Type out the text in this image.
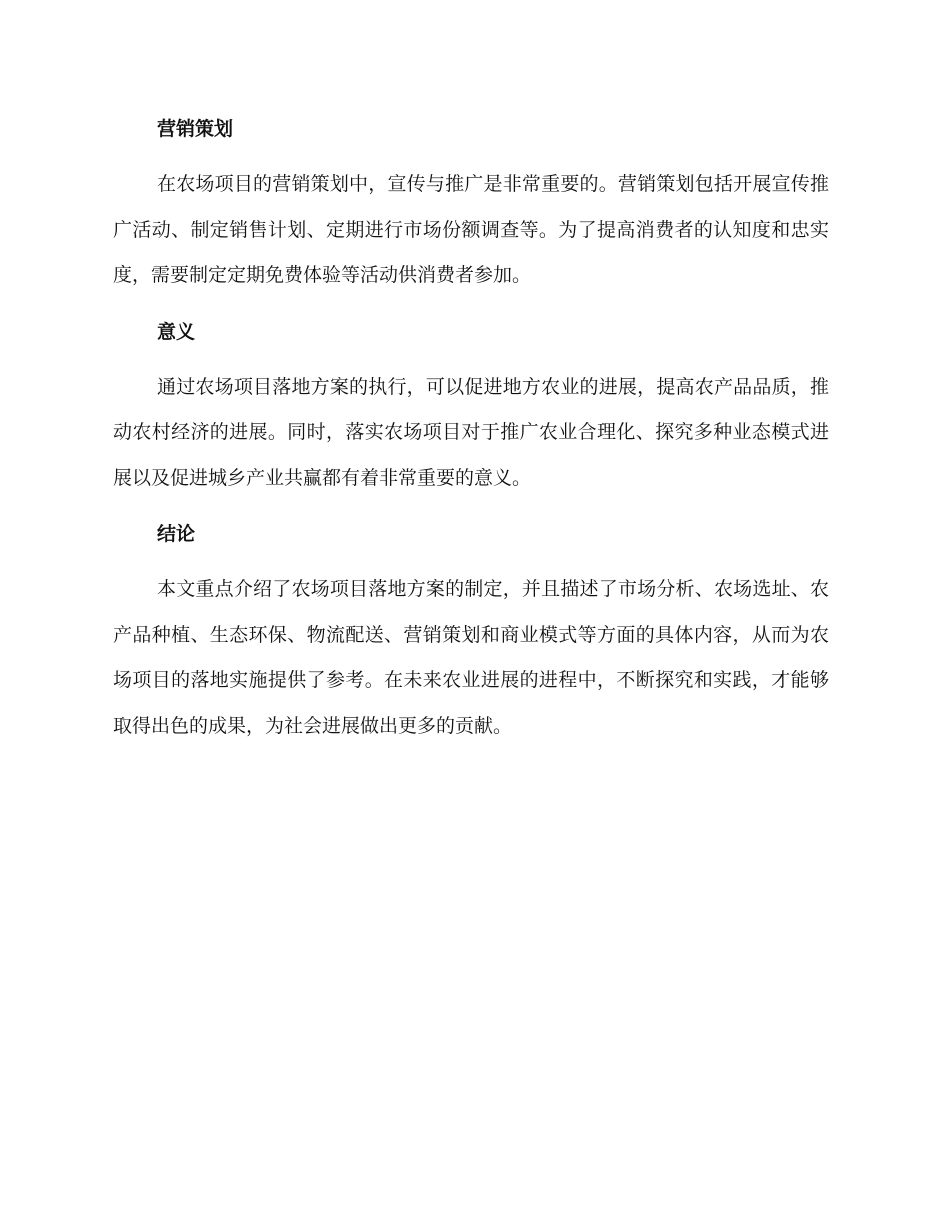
营销策划

在农场项目的营销策划中，宣传与推广是非常重要的。营销策划包括开展宣传推广活动、制定销售计划、定期进行市场份额调查等。为了提高消费者的认知度和忠实度，需要制定定期免费体验等活动供消费者参加。

意义

通过农场项目落地方案的执行，可以促进地方农业的进展，提高农产品品质，推动农村经济的进展。同时，落实农场项目对于推广农业合理化、探究多种业态模式进展以及促进城乡产业共赢都有着非常重要的意义。

结论

本文重点介绍了农场项目落地方案的制定，并且描述了市场分析、农场选址、农产品种植、生态环保、物流配送、营销策划和商业模式等方面的具体内容，从而为农场项目的落地实施提供了参考。在未来农业进展的进程中，不断探究和实践，才能够取得出色的成果，为社会进展做出更多的贡献。
